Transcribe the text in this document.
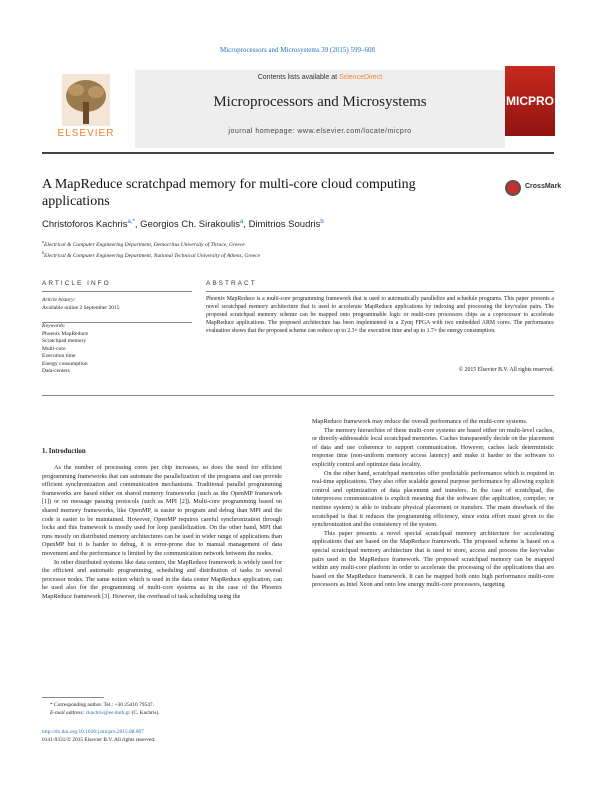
Microprocessors and Microsystems 39 (2015) 599–608
ELSEVIER
Contents lists available at ScienceDirect
Microprocessors and Microsystems
journal homepage: www.elsevier.com/locate/micpro
MICPRO
A MapReduce scratchpad memory for multi-core cloud computing applications
CrossMark
Christoforos Kachris$^{a,*}$, Georgios Ch. Sirakoulis$^a$, Dimitrios Soudris$^b$
$^a$Electrical & Computer Engineering Department, Democritus University of Thrace, Greece
$^b$Electrical & Computer Engineering Department, National Technical University of Athens, Greece
ARTICLE INFO	ABSTRACT
Article history:
Available online 2 September 2015
Keywords:
Phoenix MapReduce
Scratchpad memory
Multi-core
Execution time
Energy consumption
Data-centers
Phoenix MapReduce is a multi-core programming framework that is used to automatically parallelize and schedule programs. This paper presents a novel scratchpad memory architecture that is used to accelerate MapReduce applications by indexing and processing the key/value pairs. The proposed scratchpad memory scheme can be mapped onto programmable logic or multi-core processors chips as a coprocessor to accelerate MapReduce applications. The proposed architecture has been implemented in a Zynq FPGA with two embedded ARM cores. The performance evaluation shows that the proposed scheme can reduce up to 2.3× the execution time and up to 1.7× the energy consumption.
© 2015 Elsevier B.V. All rights reserved.
1. Introduction

As the number of processing cores per chip increases, so does the need for efficient programming frameworks that can automate the parallelization of the programs and can provide efficient synchronization and communication mechanisms. Traditional parallel programming frameworks are based either on shared memory frameworks (such as the OpenMP framework [1]) or on message passing protocols (such as MPI [2]). Multi-core programming based on shared memory frameworks, like OpenMP, is easier to program and debug than MPI and the code is easier to be maintained. However, OpenMP requires careful synchronization through locks and this framework is mostly used for loop parallelization. On the other hand, MPI that runs mostly on distributed memory architectures can be used in wider range of applications than OpenMP but it is harder to debug, it is error-prone due to manual management of data movement and the performance is limited by the communication network between the nodes.

In other distributed systems like data centers, the MapReduce framework is widely used for the efficient and automatic programming, scheduling and distribution of tasks to several processor nodes. The same notion which is used in the data center MapReduce application, can be used also for the programming of multi-core systems as in the case of the Phoenix MapReduce framework [3]. However, the overhead of task scheduling using the

MapReduce framework may reduce the overall performance of the multi-core systems.

The memory hierarchies of these multi-core systems are based either on multi-level caches, or directly-addressable local scratchpad memories. Caches transparently decide on the placement of data and use coherence to support communication. However, caches lack deterministic response time (non-uniform memory access latency) and make it harder to the software to explicitly control and optimize data locality.

On the other hand, scratchpad memories offer predictable performance which is required in real-time applications. They also offer scalable general purpose performance by allowing explicit control and optimization of data placement and transfers. In the case of scratchpad, the interprocess communication is explicit meaning that the software (the application, compiler, or runtime system) is able to indicate physical placement or transfers. The main drawback of the scratchpad is that it reduces the programming efficiency, since extra effort must given to the synchronization and the consistency of the system.

This paper presents a novel special scratchpad memory architecture for accelerating applications that are based on the MapReduce framework. The proposed scheme is based on a special scratchpad memory architecture that is used to store, access and process the key/value pairs used in the MapReduce framework. The proposed scratchpad memory can be mapped within any multi-core platform in order to accelerate the processing of the applications that are based on the MapReduce framework. It can be mapped both onto high performance multi-core processors as Intel Xeon and onto low energy multi-core processors, targeting

* Corresponding author. Tel.: +30 25410 79547.
E-mail address: ckachris@ee.duth.gr (C. Kachris).
http://dx.doi.org/10.1016/j.micpro.2015.08.007
0141-9331/© 2015 Elsevier B.V. All rights reserved.
